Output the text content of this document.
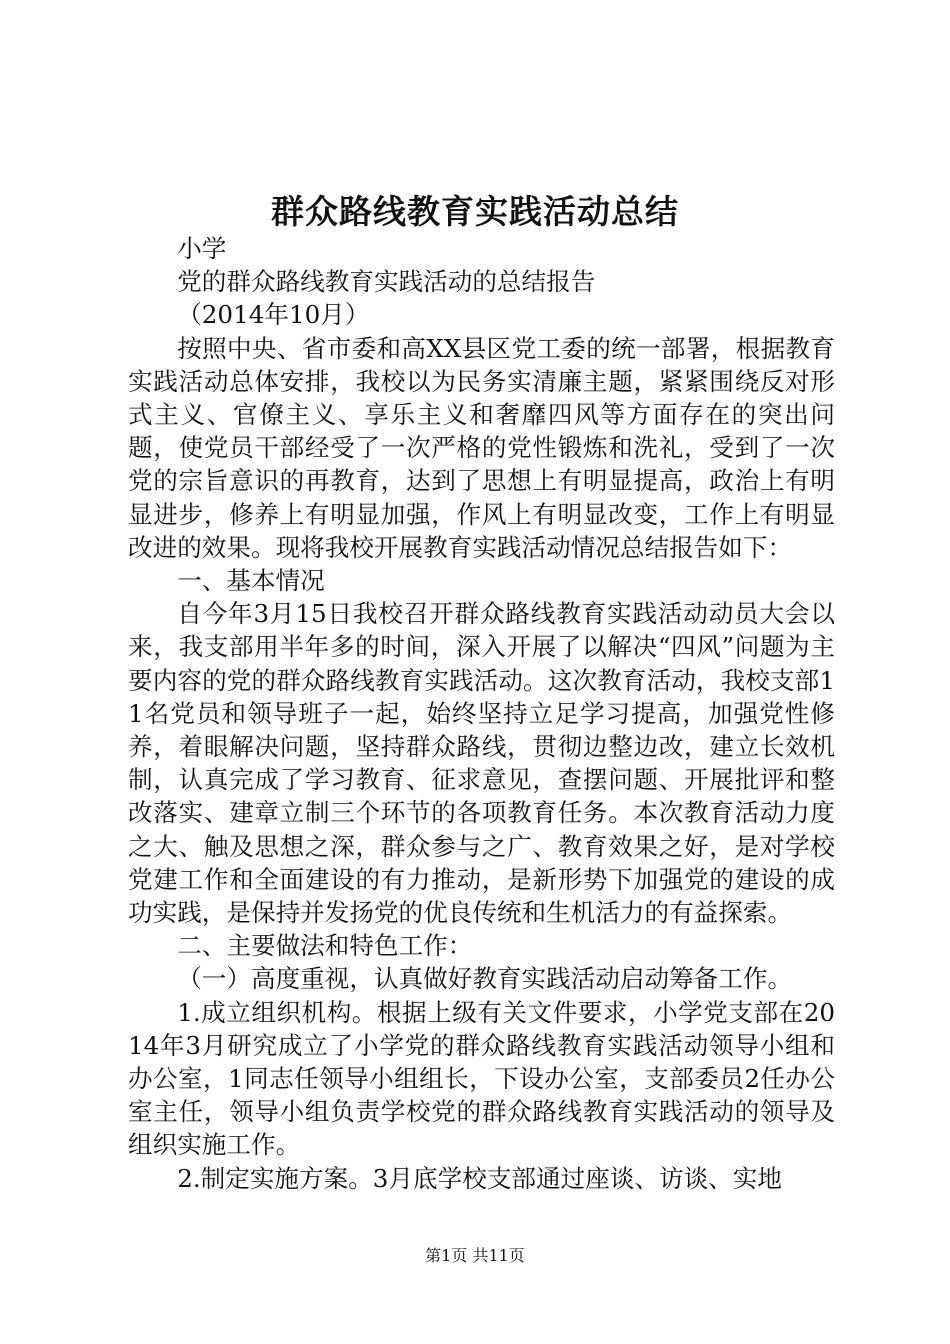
群众路线教育实践活动总结

小学

党的群众路线教育实践活动的总结报告

（2014年10月）

按照中央、省市委和高XX县区党工委的统一部署，根据教育实践活动总体安排，我校以为民务实清廉主题，紧紧围绕反对形式主义、官僚主义、享乐主义和奢靡四风等方面存在的突出问题，使党员干部经受了一次严格的党性锻炼和洗礼，受到了一次党的宗旨意识的再教育，达到了思想上有明显提高，政治上有明显进步，修养上有明显加强，作风上有明显改变，工作上有明显改进的效果。现将我校开展教育实践活动情况总结报告如下：

一、基本情况

自今年3月15日我校召开群众路线教育实践活动动员大会以来，我支部用半年多的时间，深入开展了以解决“四风”问题为主要内容的党的群众路线教育实践活动。这次教育活动，我校支部11名党员和领导班子一起，始终坚持立足学习提高，加强党性修养，着眼解决问题，坚持群众路线，贯彻边整边改，建立长效机制，认真完成了学习教育、征求意见，查摆问题、开展批评和整改落实、建章立制三个环节的各项教育任务。本次教育活动力度之大、触及思想之深，群众参与之广、教育效果之好，是对学校党建工作和全面建设的有力推动，是新形势下加强党的建设的成功实践，是保持并发扬党的优良传统和生机活力的有益探索。

二、主要做法和特色工作：

（一）高度重视，认真做好教育实践活动启动筹备工作。

1.成立组织机构。根据上级有关文件要求，小学党支部在2014年3月研究成立了小学党的群众路线教育实践活动领导小组和办公室，1同志任领导小组组长，下设办公室，支部委员2任办公室主任，领导小组负责学校党的群众路线教育实践活动的领导及组织实施工作。

2.制定实施方案。3月底学校支部通过座谈、访谈、实地

第1页 共11页
